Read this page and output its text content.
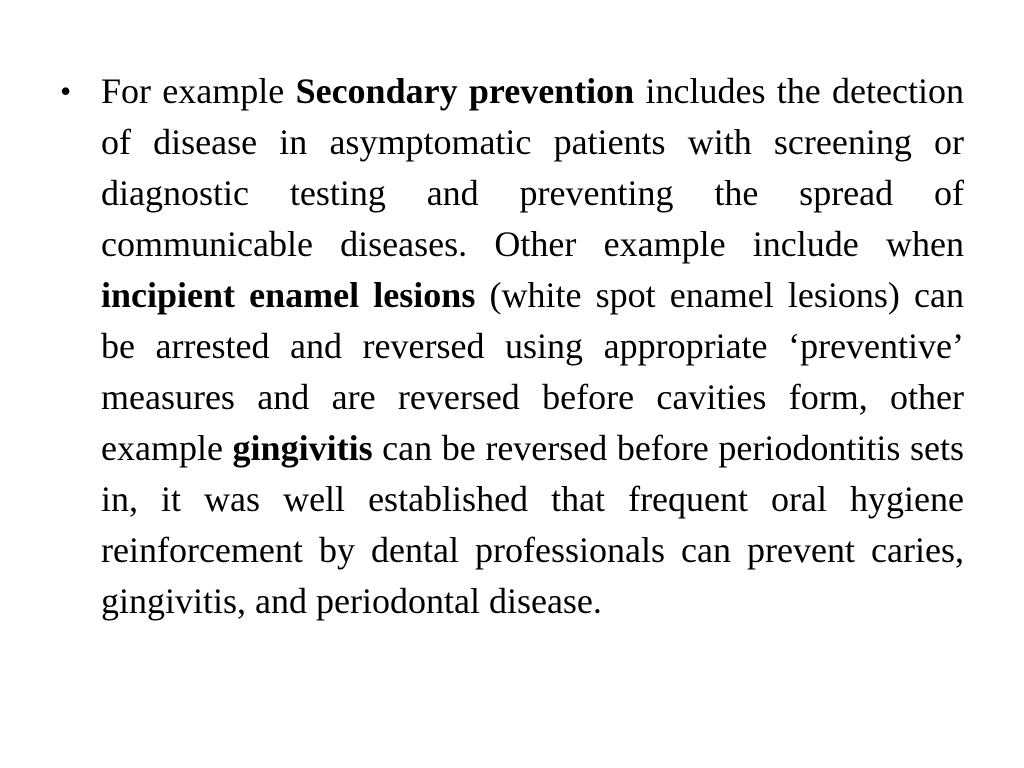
• For example Secondary prevention includes the detection of disease in asymptomatic patients with screening or diagnostic testing and preventing the spread of communicable diseases. Other example include when incipient enamel lesions (white spot enamel lesions) can be arrested and reversed using appropriate ‘preventive’ measures and are reversed before cavities form, other example gingivitis can be reversed before periodontitis sets in, it was well established that frequent oral hygiene reinforcement by dental professionals can prevent caries, gingivitis, and periodontal disease.
